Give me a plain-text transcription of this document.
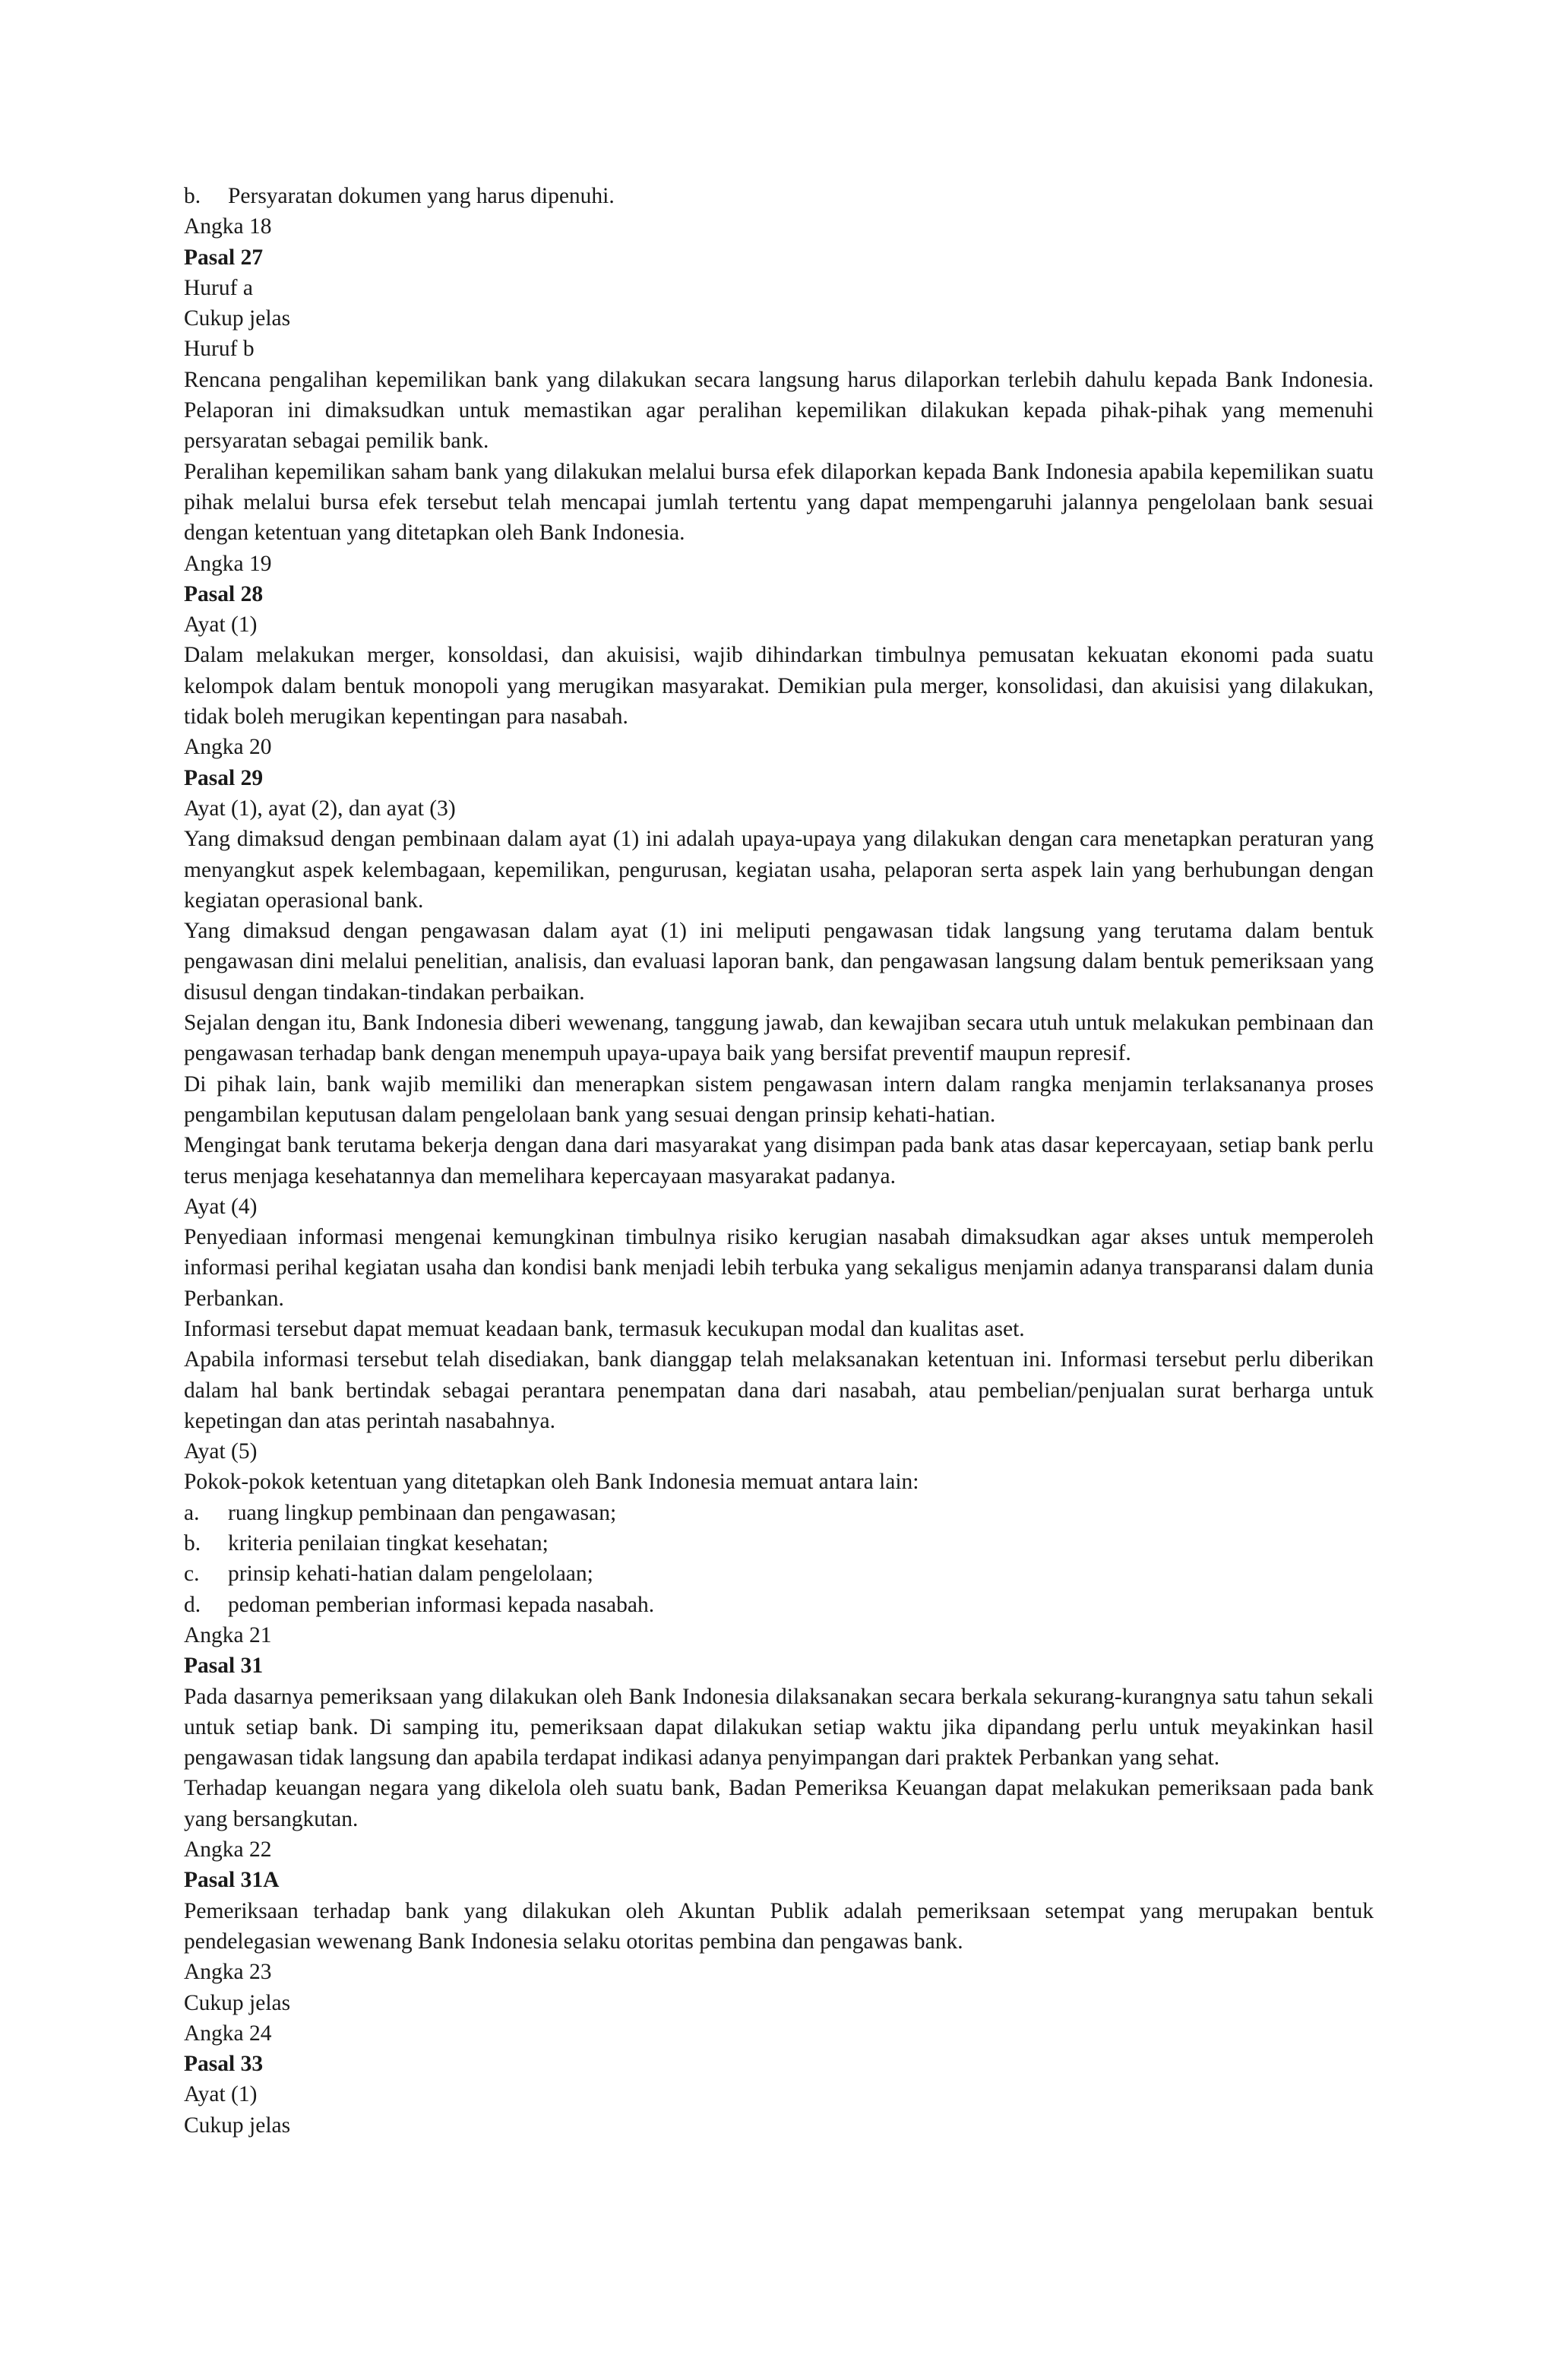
b. Persyaratan dokumen yang harus dipenuhi.
Angka 18
Pasal 27
Huruf a
Cukup jelas
Huruf b

Rencana pengalihan kepemilikan bank yang dilakukan secara langsung harus dilaporkan terlebih dahulu kepada Bank Indonesia. Pelaporan ini dimaksudkan untuk memastikan agar peralihan kepemilikan dilakukan kepada pihak-pihak yang memenuhi persyaratan sebagai pemilik bank.

Peralihan kepemilikan saham bank yang dilakukan melalui bursa efek dilaporkan kepada Bank Indonesia apabila kepemilikan suatu pihak melalui bursa efek tersebut telah mencapai jumlah tertentu yang dapat mempengaruhi jalannya pengelolaan bank sesuai dengan ketentuan yang ditetapkan oleh Bank Indonesia.

Angka 19
Pasal 28
Ayat (1)

Dalam melakukan merger, konsoldasi, dan akuisisi, wajib dihindarkan timbulnya pemusatan kekuatan ekonomi pada suatu kelompok dalam bentuk monopoli yang merugikan masyarakat. Demikian pula merger, konsolidasi, dan akuisisi yang dilakukan, tidak boleh merugikan kepentingan para nasabah.

Angka 20
Pasal 29
Ayat (1), ayat (2), dan ayat (3)

Yang dimaksud dengan pembinaan dalam ayat (1) ini adalah upaya-upaya yang dilakukan dengan cara menetapkan peraturan yang menyangkut aspek kelembagaan, kepemilikan, pengurusan, kegiatan usaha, pelaporan serta aspek lain yang berhubungan dengan kegiatan operasional bank.

Yang dimaksud dengan pengawasan dalam ayat (1) ini meliputi pengawasan tidak langsung yang terutama dalam bentuk pengawasan dini melalui penelitian, analisis, dan evaluasi laporan bank, dan pengawasan langsung dalam bentuk pemeriksaan yang disusul dengan tindakan-tindakan perbaikan.

Sejalan dengan itu, Bank Indonesia diberi wewenang, tanggung jawab, dan kewajiban secara utuh untuk melakukan pembinaan dan pengawasan terhadap bank dengan menempuh upaya-upaya baik yang bersifat preventif maupun represif.

Di pihak lain, bank wajib memiliki dan menerapkan sistem pengawasan intern dalam rangka menjamin terlaksananya proses pengambilan keputusan dalam pengelolaan bank yang sesuai dengan prinsip kehati-hatian.

Mengingat bank terutama bekerja dengan dana dari masyarakat yang disimpan pada bank atas dasar kepercayaan, setiap bank perlu terus menjaga kesehatannya dan memelihara kepercayaan masyarakat padanya.

Ayat (4)

Penyediaan informasi mengenai kemungkinan timbulnya risiko kerugian nasabah dimaksudkan agar akses untuk memperoleh informasi perihal kegiatan usaha dan kondisi bank menjadi lebih terbuka yang sekaligus menjamin adanya transparansi dalam dunia Perbankan.

Informasi tersebut dapat memuat keadaan bank, termasuk kecukupan modal dan kualitas aset.

Apabila informasi tersebut telah disediakan, bank dianggap telah melaksanakan ketentuan ini. Informasi tersebut perlu diberikan dalam hal bank bertindak sebagai perantara penempatan dana dari nasabah, atau pembelian/penjualan surat berharga untuk kepetingan dan atas perintah nasabahnya.

Ayat (5)

Pokok-pokok ketentuan yang ditetapkan oleh Bank Indonesia memuat antara lain:

a. ruang lingkup pembinaan dan pengawasan;
b. kriteria penilaian tingkat kesehatan;
c. prinsip kehati-hatian dalam pengelolaan;
d. pedoman pemberian informasi kepada nasabah.
Angka 21
Pasal 31

Pada dasarnya pemeriksaan yang dilakukan oleh Bank Indonesia dilaksanakan secara berkala sekurang-kurangnya satu tahun sekali untuk setiap bank. Di samping itu, pemeriksaan dapat dilakukan setiap waktu jika dipandang perlu untuk meyakinkan hasil pengawasan tidak langsung dan apabila terdapat indikasi adanya penyimpangan dari praktek Perbankan yang sehat.

Terhadap keuangan negara yang dikelola oleh suatu bank, Badan Pemeriksa Keuangan dapat melakukan pemeriksaan pada bank yang bersangkutan.

Angka 22
Pasal 31A

Pemeriksaan terhadap bank yang dilakukan oleh Akuntan Publik adalah pemeriksaan setempat yang merupakan bentuk pendelegasian wewenang Bank Indonesia selaku otoritas pembina dan pengawas bank.

Angka 23
Cukup jelas
Angka 24
Pasal 33
Ayat (1)
Cukup jelas
